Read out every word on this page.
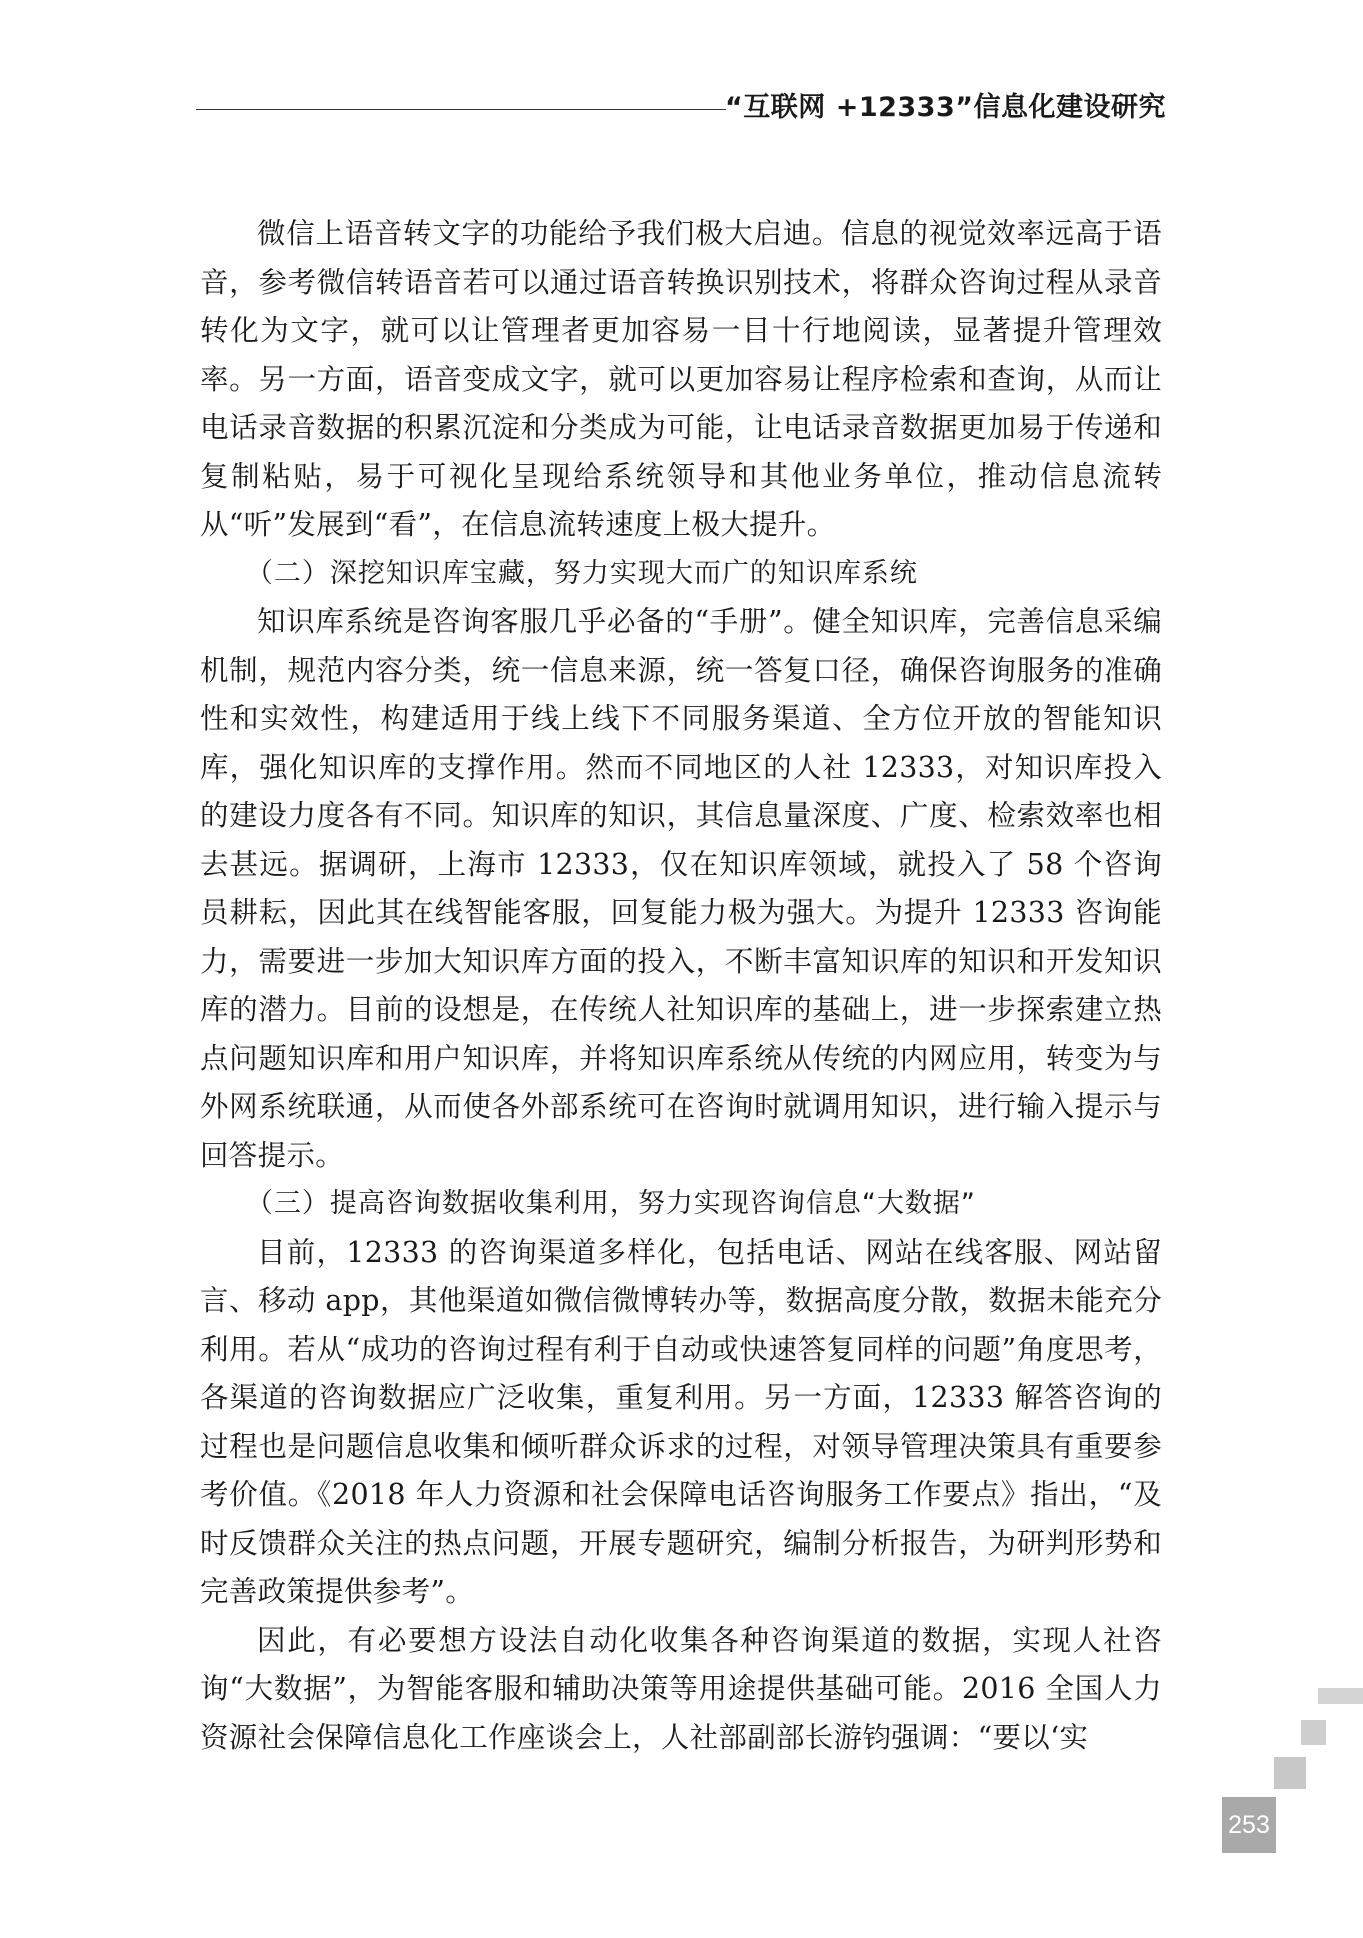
“互联网 +12333”信息化建设研究

微信上语音转文字的功能给予我们极大启迪。信息的视觉效率远高于语音，参考微信转语音若可以通过语音转换识别技术，将群众咨询过程从录音转化为文字，就可以让管理者更加容易一目十行地阅读，显著提升管理效率。另一方面，语音变成文字，就可以更加容易让程序检索和查询，从而让电话录音数据的积累沉淀和分类成为可能，让电话录音数据更加易于传递和复制粘贴，易于可视化呈现给系统领导和其他业务单位，推动信息流转从“听”发展到“看”，在信息流转速度上极大提升。

（二）深挖知识库宝藏，努力实现大而广的知识库系统

知识库系统是咨询客服几乎必备的“手册”。健全知识库，完善信息采编机制，规范内容分类，统一信息来源，统一答复口径，确保咨询服务的准确性和实效性，构建适用于线上线下不同服务渠道、全方位开放的智能知识库，强化知识库的支撑作用。然而不同地区的人社 12333，对知识库投入的建设力度各有不同。知识库的知识，其信息量深度、广度、检索效率也相去甚远。据调研，上海市 12333，仅在知识库领域，就投入了 58 个咨询员耕耘，因此其在线智能客服，回复能力极为强大。为提升 12333 咨询能力，需要进一步加大知识库方面的投入，不断丰富知识库的知识和开发知识库的潜力。目前的设想是，在传统人社知识库的基础上，进一步探索建立热点问题知识库和用户知识库，并将知识库系统从传统的内网应用，转变为与外网系统联通，从而使各外部系统可在咨询时就调用知识，进行输入提示与回答提示。

（三）提高咨询数据收集利用，努力实现咨询信息“大数据”

目前，12333 的咨询渠道多样化，包括电话、网站在线客服、网站留言、移动 app，其他渠道如微信微博转办等，数据高度分散，数据未能充分利用。若从“成功的咨询过程有利于自动或快速答复同样的问题”角度思考，各渠道的咨询数据应广泛收集，重复利用。另一方面，12333 解答咨询的过程也是问题信息收集和倾听群众诉求的过程，对领导管理决策具有重要参考价值。《2018 年人力资源和社会保障电话咨询服务工作要点》指出，“及时反馈群众关注的热点问题，开展专题研究，编制分析报告，为研判形势和完善政策提供参考”。

因此，有必要想方设法自动化收集各种咨询渠道的数据，实现人社咨询“大数据”，为智能客服和辅助决策等用途提供基础可能。2016 全国人力资源社会保障信息化工作座谈会上，人社部副部长游钧强调：“要以‘实

253
